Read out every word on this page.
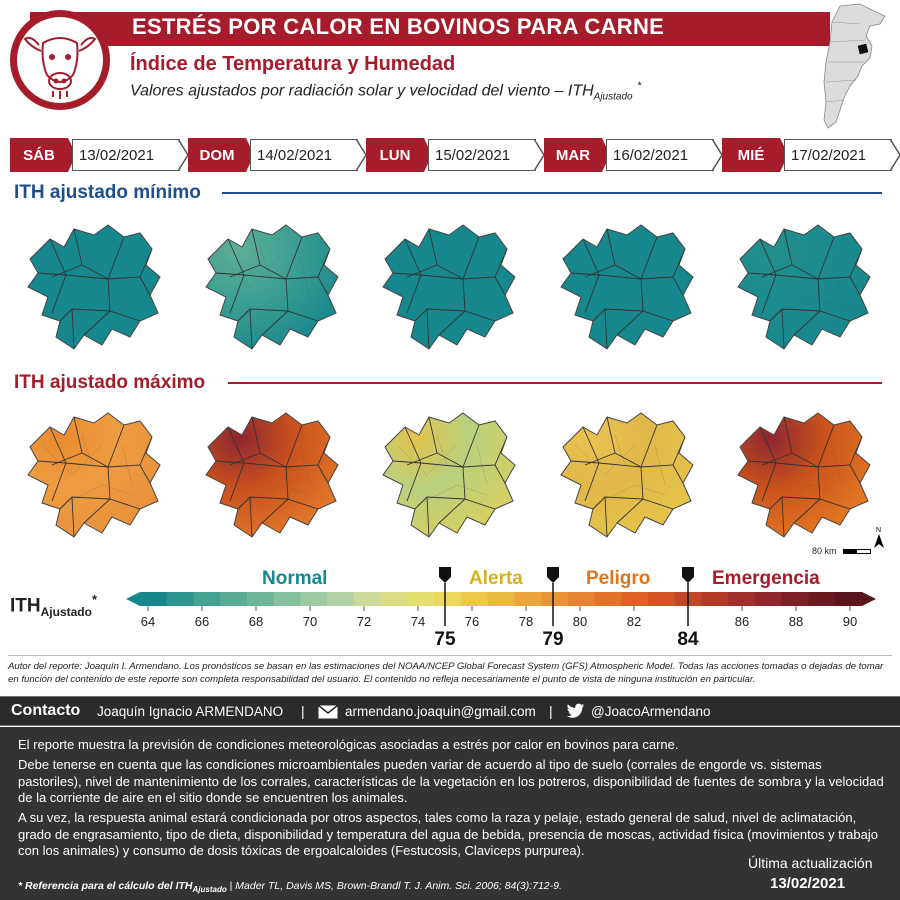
ESTRÉS POR CALOR EN BOVINOS PARA CARNE
Índice de Temperatura y Humedad
Valores ajustados por radiación solar y velocidad del viento – $ITH_{Ajustado}$ *
SÁB	13/02/2021	DOM	14/02/2021	LUN	15/02/2021	MAR	16/02/2021	MIÉ	17/02/2021
ITH ajustado mínimo
ITH ajustado máximo
80 km
N
$ITH_{Ajustado}^*$
Normal	Alerta	Peligro	Emergencia
64	66	68	70	72	74	76	78	80	82	86	88	90
75	79	84
Autor del reporte: Joaquín I. Armendano. Los pronósticos se basan en las estimaciones del NOAA/NCEP Global Forecast System (GFS) Atmospheric Model. Todas las acciones tomadas o dejadas de tomar en función del contenido de este reporte son completa responsabilidad del usuario. El contenido no refleja necesariamente el punto de vista de ninguna institución en particular.
Contacto Joaquín Ignacio ARMENDANO |	armendano.joaquin@gmail.com |	@JoacoArmendano

El reporte muestra la previsión de condiciones meteorológicas asociadas a estrés por calor en bovinos para carne.

Debe tenerse en cuenta que las condiciones microambientales pueden variar de acuerdo al tipo de suelo (corrales de engorde vs. sistemas pastoriles), nivel de mantenimiento de los corrales, características de la vegetación en los potreros, disponibilidad de fuentes de sombra y la velocidad de la corriente de aire en el sitio donde se encuentren los animales.

A su vez, la respuesta animal estará condicionada por otros aspectos, tales como la raza y pelaje, estado general de salud, nivel de aclimatación, grado de engrasamiento, tipo de dieta, disponibilidad y temperatura del agua de bebida, presencia de moscas, actividad física (movimientos y trabajo con los animales) y consumo de dosis tóxicas de ergoalcaloides (Festucosis, Claviceps purpurea).

* Referencia para el cálculo del $ITH_{Ajustado}$ | Mader TL, Davis MS, Brown-Brandl T. J. Anim. Sci. 2006; 84(3):712-9.
Última actualización
13/02/2021
